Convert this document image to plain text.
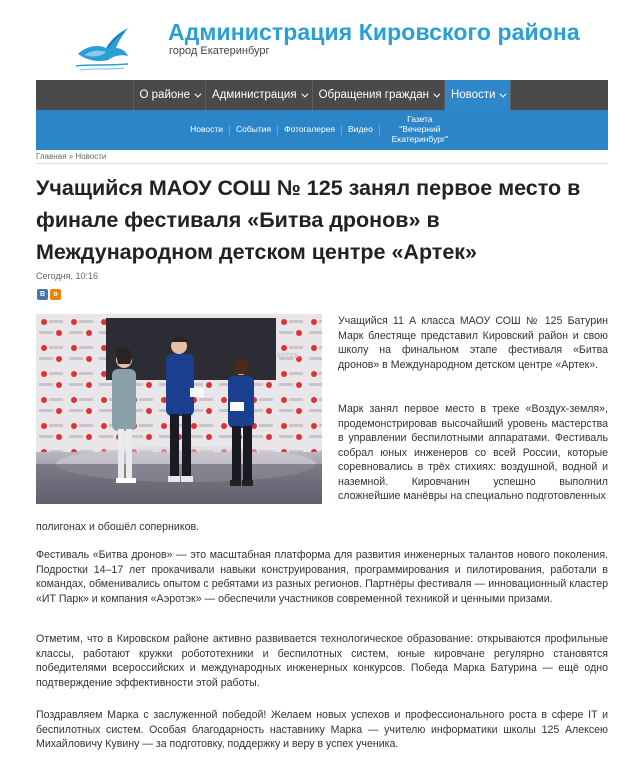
Администрация Кировского района
город Екатеринбург
О районе Администрация Обращения граждан Новости
Новости	События	Фотогалерея	Видео
Газета "Вечерний Екатеринбург"
Главная » Новости
Учащийся МАОУ СОШ № 125 занял первое место в финале фестиваля «Битва дронов» в Международном детском центре «Артек»
Сегодня, 10:16
В	о
АРТЕК

Учащийся 11 А класса МАОУ СОШ № 125 Батурин Марк блестяще представил Кировский район и свою школу на финальном этапе фестиваля «Битва дронов» в Международном детском центре «Артек».

Марк занял первое место в треке «Воздух-земля», продемонстрировав высочайший уровень мастерства в управлении беспилотными аппаратами. Фестиваль собрал юных инженеров со всей России, которые соревновались в трёх стихиях: воздушной, водной и наземной. Кировчанин успешно выполнил сложнейшие манёвры на специально подготовленных

полигонах и обошёл соперников.

Фестиваль «Битва дронов» — это масштабная платформа для развития инженерных талантов нового поколения. Подростки 14–17 лет прокачивали навыки конструирования, программирования и пилотирования, работали в командах, обменивались опытом с ребятами из разных регионов. Партнёры фестиваля — инновационный кластер «ИТ Парк» и компания «Аэротэк» — обеспечили участников современной техникой и ценными призами.

Отметим, что в Кировском районе активно развивается технологическое образование: открываются профильные классы, работают кружки робототехники и беспилотных систем, юные кировчане регулярно становятся победителями всероссийских и международных инженерных конкурсов. Победа Марка Батурина — ещё одно подтверждение эффективности этой работы.

Поздравляем Марка с заслуженной победой! Желаем новых успехов и профессионального роста в сфере IT и беспилотных систем. Особая благодарность наставнику Марка — учителю информатики школы 125 Алексею Михайловичу Кувину — за подготовку, поддержку и веру в успех ученика.
